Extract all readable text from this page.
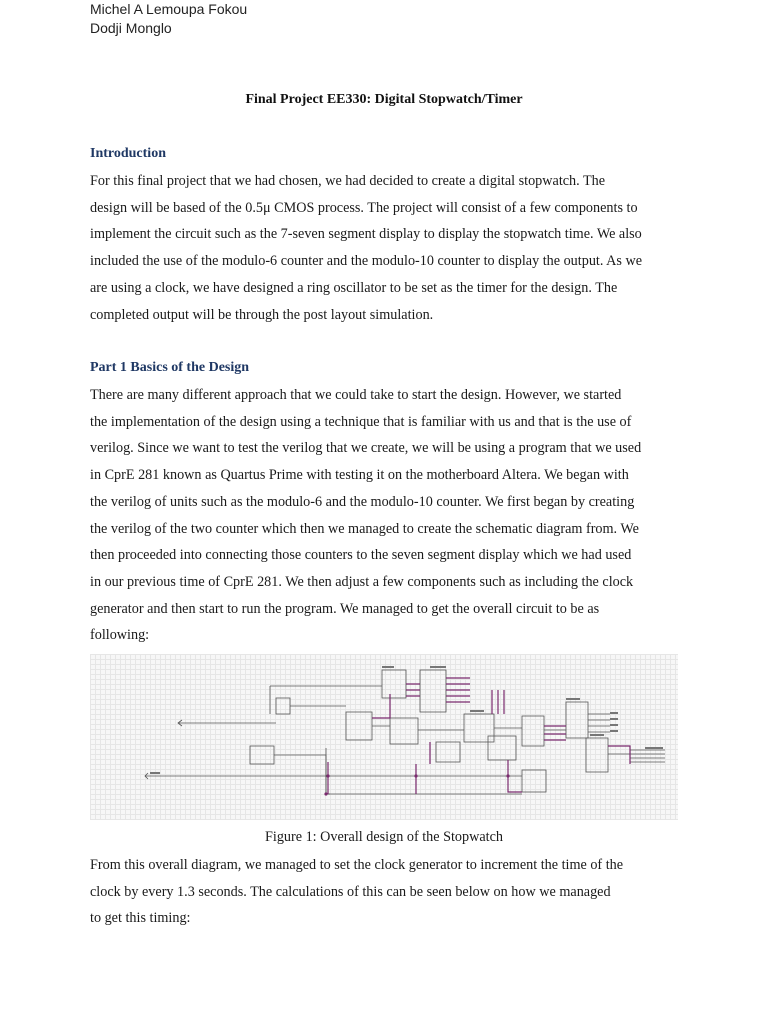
Michel A Lemoupa Fokou
Dodji Monglo
Final Project EE330: Digital Stopwatch/Timer
Introduction
For this final project that we had chosen, we had decided to create a digital stopwatch. The
design will be based of the 0.5μ CMOS process. The project will consist of a few components to
implement the circuit such as the 7-seven segment display to display the stopwatch time. We also
included the use of the modulo-6 counter and the modulo-10 counter to display the output. As we
are using a clock, we have designed a ring oscillator to be set as the timer for the design. The
completed output will be through the post layout simulation.
Part 1 Basics of the Design
There are many different approach that we could take to start the design. However, we started
the implementation of the design using a technique that is familiar with us and that is the use of
verilog. Since we want to test the verilog that we create, we will be using a program that we used
in CprE 281 known as Quartus Prime with testing it on the motherboard Altera. We began with
the verilog of units such as the modulo-6 and the modulo-10 counter. We first began by creating
the verilog of the two counter which then we managed to create the schematic diagram from. We
then proceeded into connecting those counters to the seven segment display which we had used
in our previous time of CprE 281. We then adjust a few components such as including the clock
generator and then start to run the program. We managed to get the overall circuit to be as
following:
Figure 1: Overall design of the Stopwatch
From this overall diagram, we managed to set the clock generator to increment the time of the
clock by every 1.3 seconds. The calculations of this can be seen below on how we managed
to get this timing:
